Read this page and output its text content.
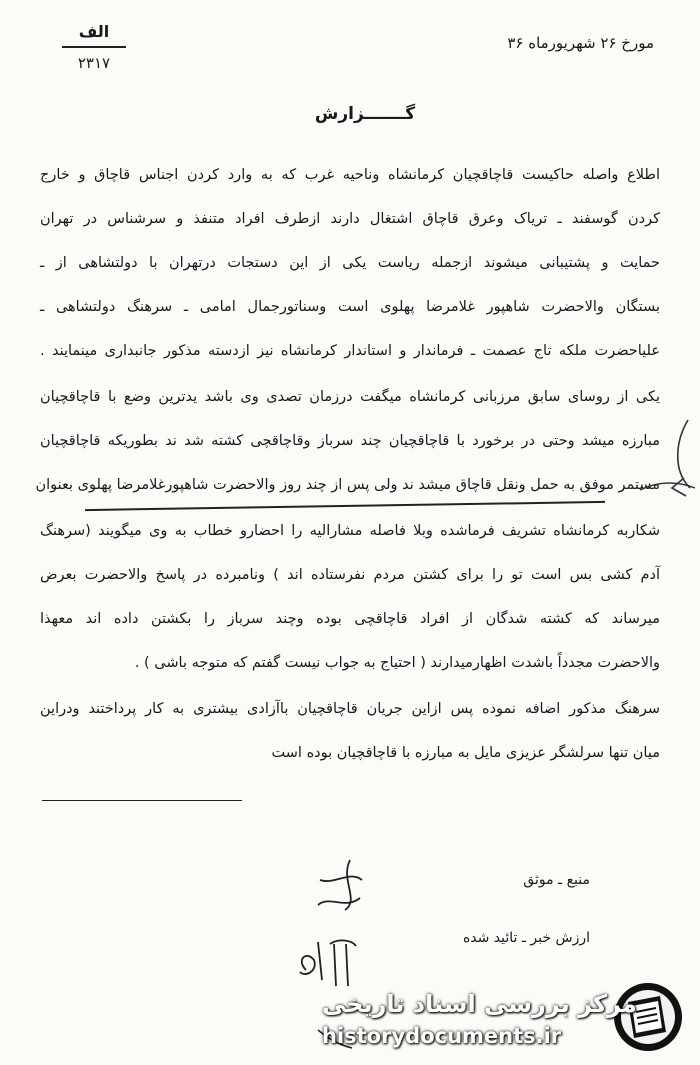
الف
۲۳۱۷
مورخ ۲۶ شهریورماه ۳۶
گـــــــزارش
اطلاع واصله حاکیست قاچاقچیان کرمانشاه وناحیه غرب که به وارد کردن اجناس قاچاق و خارج
کردن گوسفند ـ تریاک وعرق قاچاق اشتغال دارند ازطرف افراد متنفذ و سرشناس در تهران
حمایت و پشتیبانی میشوند ازجمله ریاست یکی از این دستجات درتهران با دولتشاهی از ـ
بستگان والاحضرت شاهپور غلامرضا پهلوی است وسناتورجمال امامی ـ سرهنگ دولتشاهی ـ
علیاحضرت ملکه تاج عصمت ـ فرماندار و استاندار کرمانشاه نیز ازدسته مذکور جانبداری مینمایند .
یکی از روسای سابق مرزبانی کرمانشاه میگفت درزمان تصدی وی باشد یدترین وضع با قاچاقچیان
مبارزه میشد وحتی در برخورد با قاچاقچیان چند سرباز وقاچاقچی کشته شد ند بطوریکه قاچاقچیان
مستمر موفق به حمل ونقل قاچاق میشد ند ولی پس از چند روز والاحضرت شاهپورغلامرضا پهلوی بعنوان
شکاربه کرمانشاه تشریف فرماشده وبلا فاصله مشارالیه را احضارو خطاب به وی میگویند (سرهنگ
آدم کشی بس است تو را برای کشتن مردم نفرستاده اند ) ونامبرده در پاسخ والاحضرت بعرض
میرساند که کشته شدگان از افراد قاچاقچی بوده وچند سرباز را بکشتن داده اند معهذا
والاحضرت مجدداً باشدت اظهارمیدارند ( احتیاج به جواب نیست گفتم که متوجه باشی ) .
سرهنگ مذکور اضافه نموده پس ازاین جریان قاچاقچیان باآزادی بیشتری به کار پرداختند ودراین
میان تنها سرلشگر عزیزی مایل به مبارزه با قاچاقچیان بوده است
منبع ـ موثق
ارزش خبر ـ تائید شده
مرکز بررسی اسناد تاریخی
historydocuments.ir
